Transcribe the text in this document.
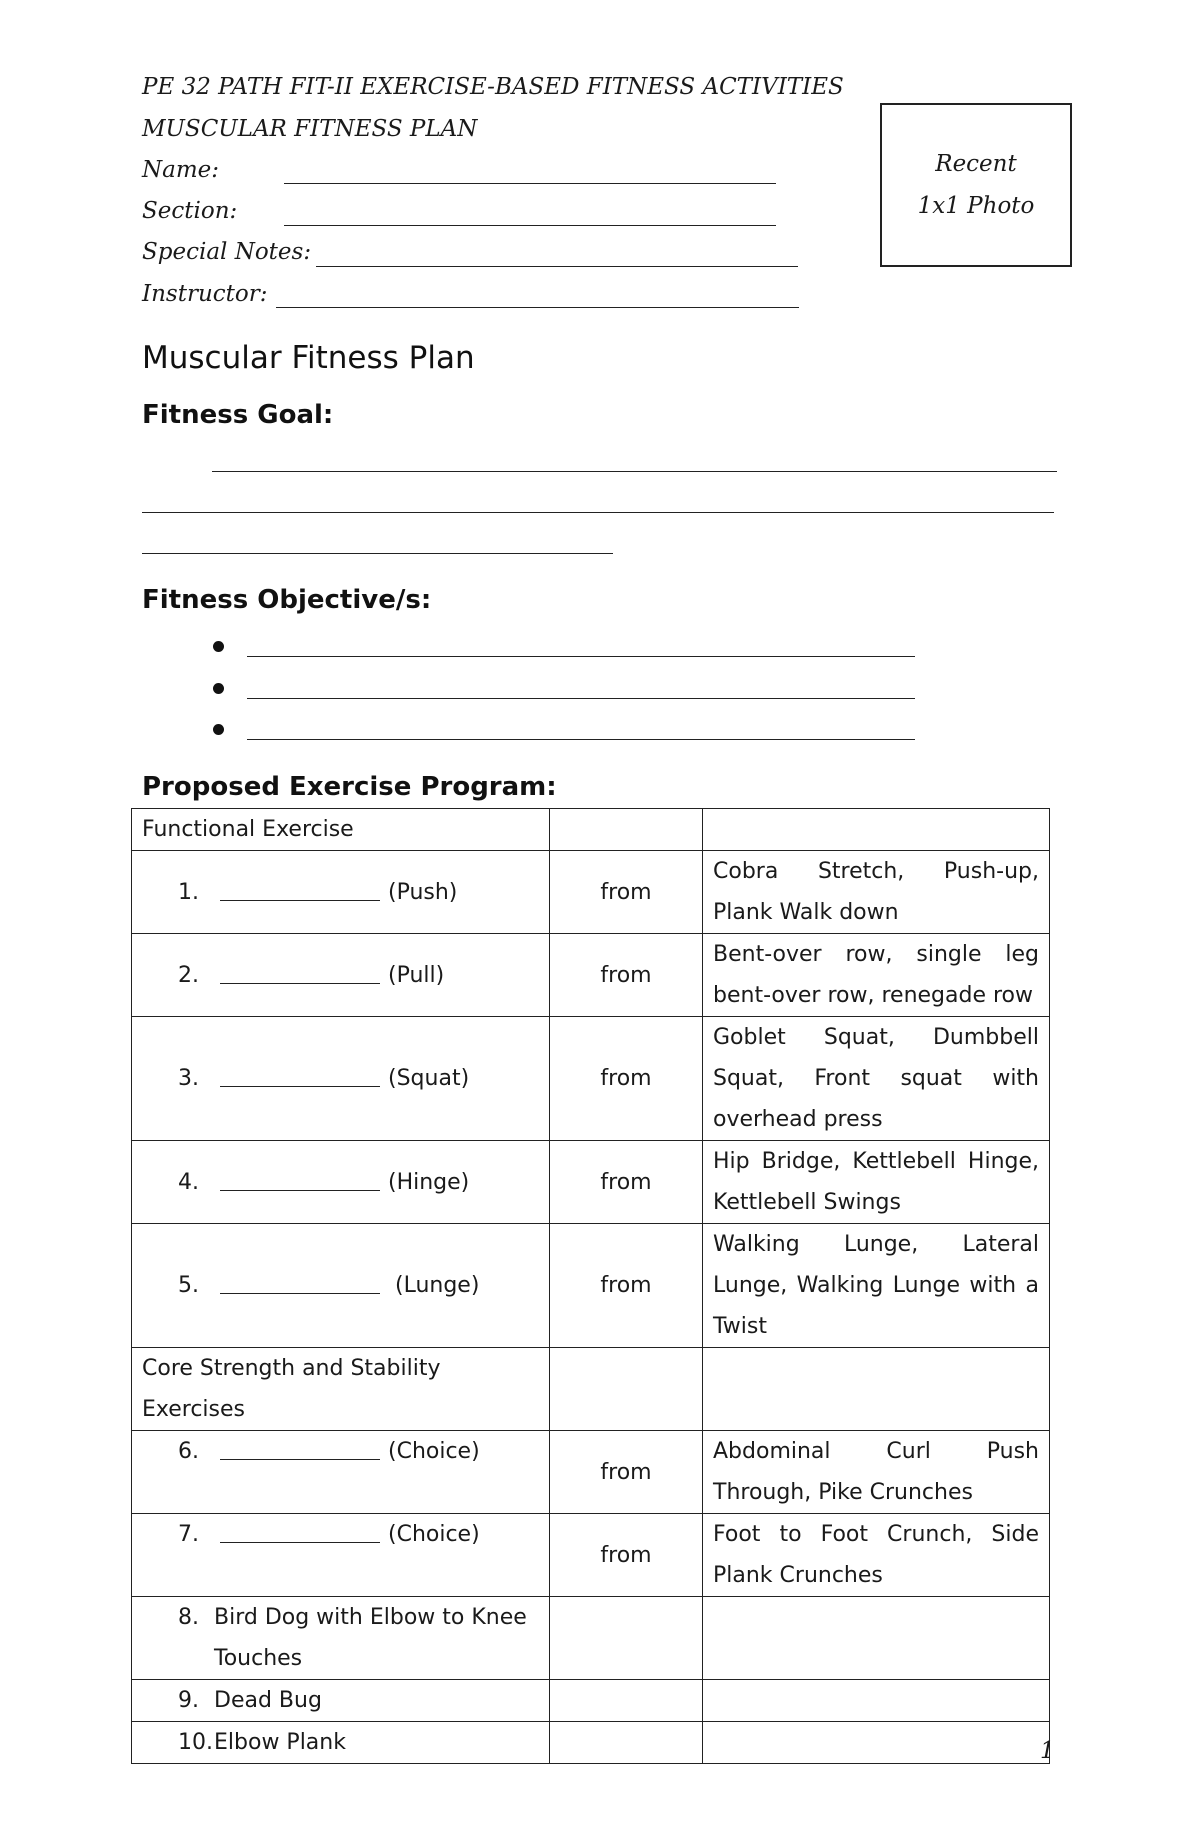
PE 32 PATH FIT-II EXERCISE-BASED FITNESS ACTIVITIES
MUSCULAR FITNESS PLAN
Name:
Section:
Special Notes:
Instructor:
Recent
1x1 Photo
Muscular Fitness Plan
Fitness Goal:
Fitness Objective/s:
Proposed Exercise Program:
Functional Exercise		
1. (Push)	from	Cobra Stretch, Push-up, Plank Walk down
2. (Pull)	from	Bent-over row, single leg bent-over row, renegade row
3. (Squat)	from	Goblet Squat, Dumbbell Squat, Front squat with overhead press
4. (Hinge)	from	Hip Bridge, Kettlebell Hinge, Kettlebell Swings
5. (Lunge)	from	Walking Lunge, Lateral Lunge, Walking Lunge with a Twist
Core Strength and Stability Exercises		
6. (Choice)	from	Abdominal Curl Push Through, Pike Crunches
7. (Choice)	from	Foot to Foot Crunch, Side Plank Crunches

8. Bird Dog with Elbow to Knee Touches		

9. Dead Bug		

10. Elbow Plank		
			1
